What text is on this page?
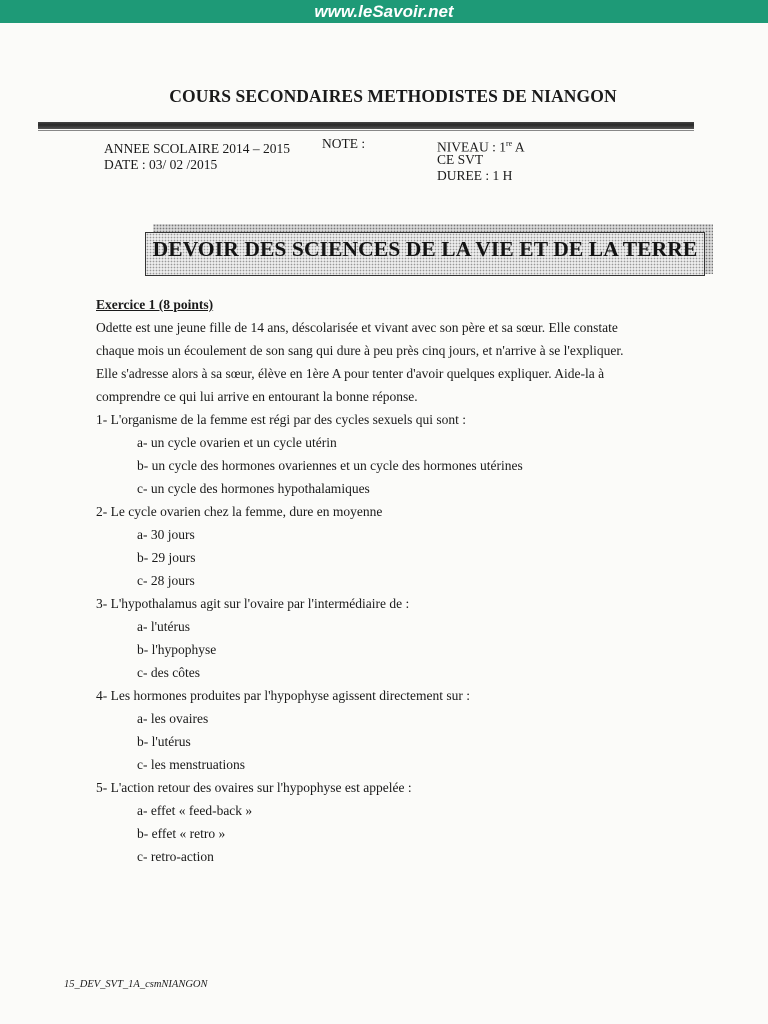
www.leSavoir.net
COURS SECONDAIRES METHODISTES DE NIANGON
ANNEE SCOLAIRE 2014 – 2015
DATE : 03/ 02 /2015
NOTE :	NIVEAU : 1re A
CE SVT
DUREE : 1 H
DEVOIR DES SCIENCES DE LA VIE ET DE LA TERRE
Exercice 1 (8 points)

Odette est une jeune fille de 14 ans, déscolarisée et vivant avec son père et sa sœur. Elle constate

chaque mois un écoulement de son sang qui dure à peu près cinq jours, et n'arrive à se l'expliquer.

Elle s'adresse alors à sa sœur, élève en 1ère A pour tenter d'avoir quelques expliquer. Aide-la à

comprendre ce qui lui arrive en entourant la bonne réponse.

1- L'organisme de la femme est régi par des cycles sexuels qui sont :
a- un cycle ovarien et un cycle utérin
b- un cycle des hormones ovariennes et un cycle des hormones utérines
c- un cycle des hormones hypothalamiques
2- Le cycle ovarien chez la femme, dure en moyenne
a- 30 jours
b- 29 jours
c- 28 jours
3- L'hypothalamus agit sur l'ovaire par l'intermédiaire de :
a- l'utérus
b- l'hypophyse
c- des côtes
4- Les hormones produites par l'hypophyse agissent directement sur :
a- les ovaires
b- l'utérus
c- les menstruations
5- L'action retour des ovaires sur l'hypophyse est appelée :
a- effet « feed-back »
b- effet « retro »
c- retro-action
15_DEV_SVT_1A_csmNIANGON
